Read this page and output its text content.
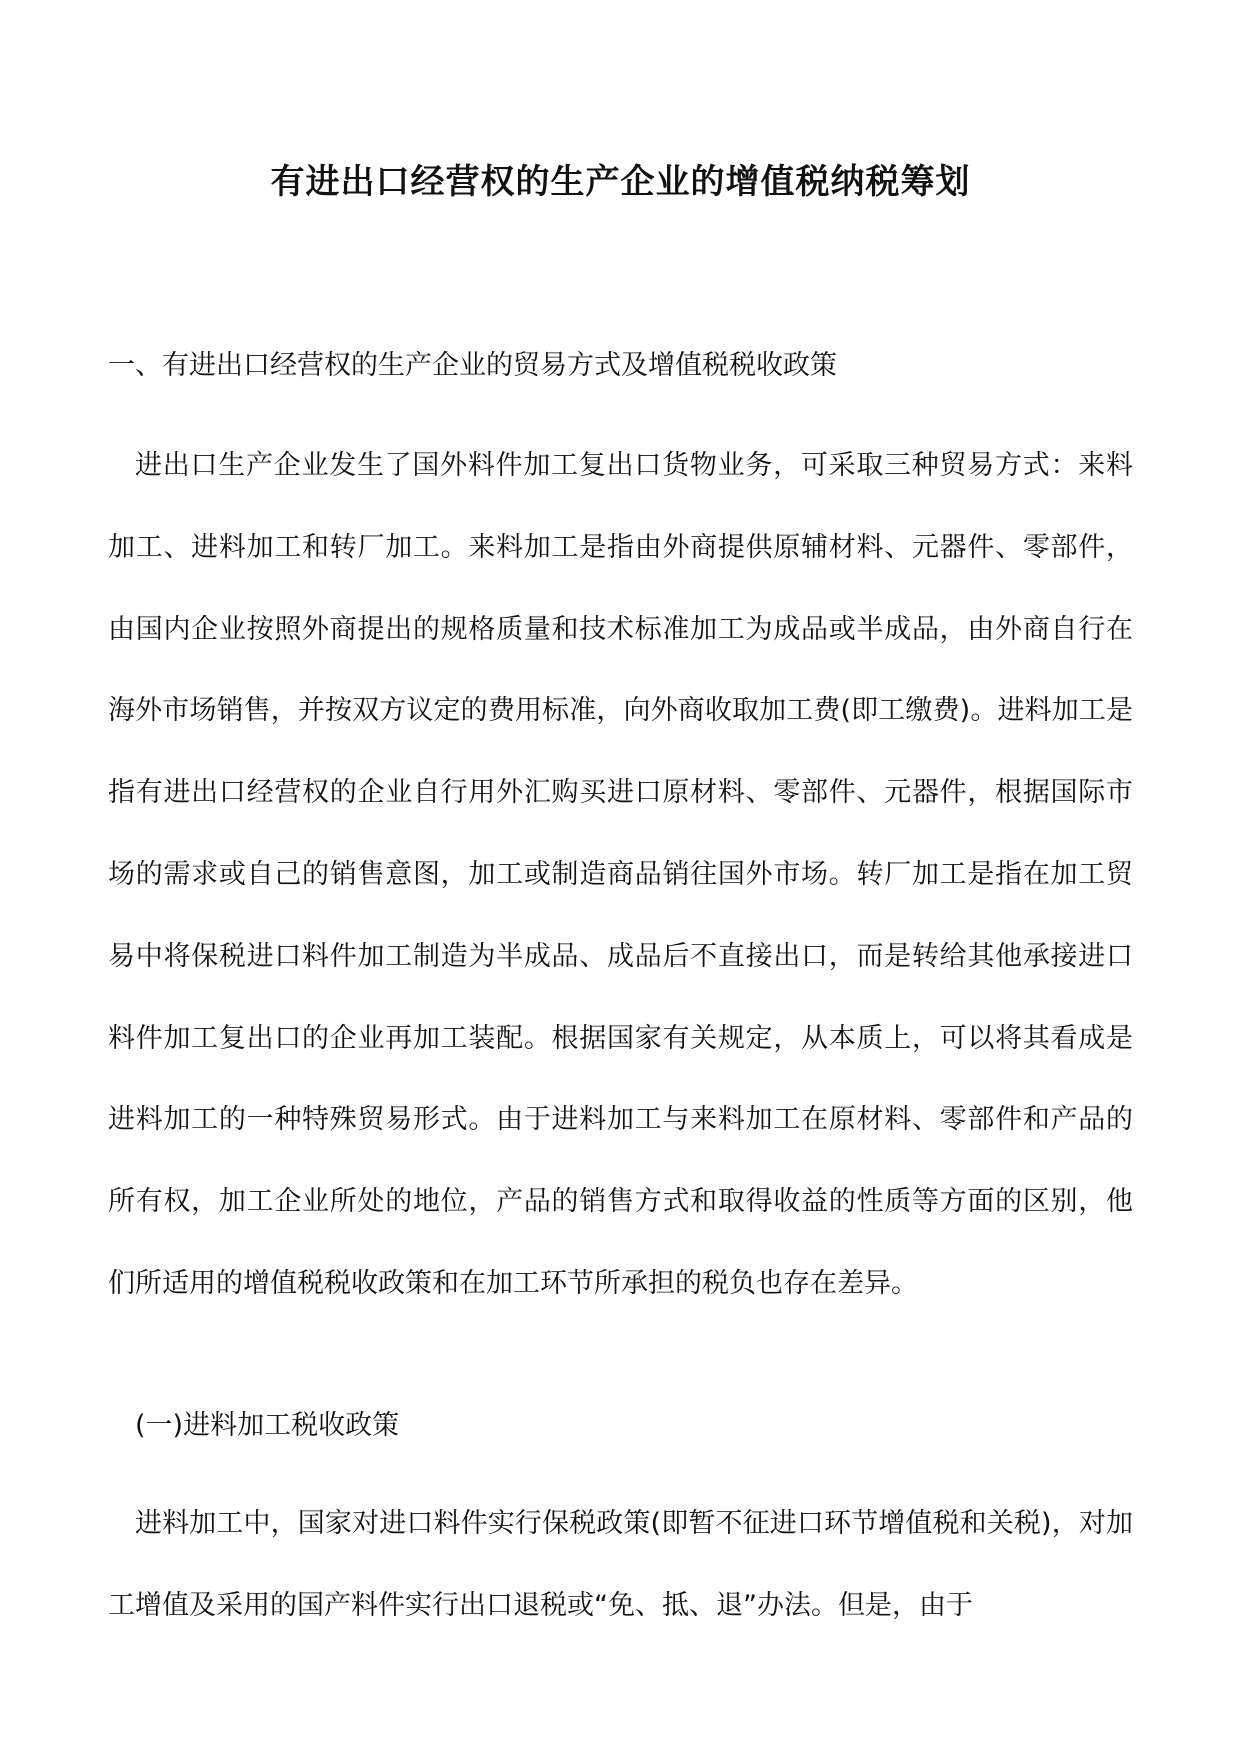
有进出口经营权的生产企业的增值税纳税筹划
一、有进出口经营权的生产企业的贸易方式及增值税税收政策

进出口生产企业发生了国外料件加工复出口货物业务，可采取三种贸易方式：来料加工、进料加工和转厂加工。来料加工是指由外商提供原辅材料、元器件、零部件，由国内企业按照外商提出的规格质量和技术标准加工为成品或半成品，由外商自行在海外市场销售，并按双方议定的费用标准，向外商收取加工费(即工缴费)。进料加工是指有进出口经营权的企业自行用外汇购买进口原材料、零部件、元器件，根据国际市场的需求或自己的销售意图，加工或制造商品销往国外市场。转厂加工是指在加工贸易中将保税进口料件加工制造为半成品、成品后不直接出口，而是转给其他承接进口料件加工复出口的企业再加工装配。根据国家有关规定，从本质上，可以将其看成是进料加工的一种特殊贸易形式。由于进料加工与来料加工在原材料、零部件和产品的所有权，加工企业所处的地位，产品的销售方式和取得收益的性质等方面的区别，他们所适用的增值税税收政策和在加工环节所承担的税负也存在差异。

(一)进料加工税收政策

进料加工中，国家对进口料件实行保税政策(即暂不征进口环节增值税和关税)，对加工增值及采用的国产料件实行出口退税或“免、抵、退”办法。但是，由于
